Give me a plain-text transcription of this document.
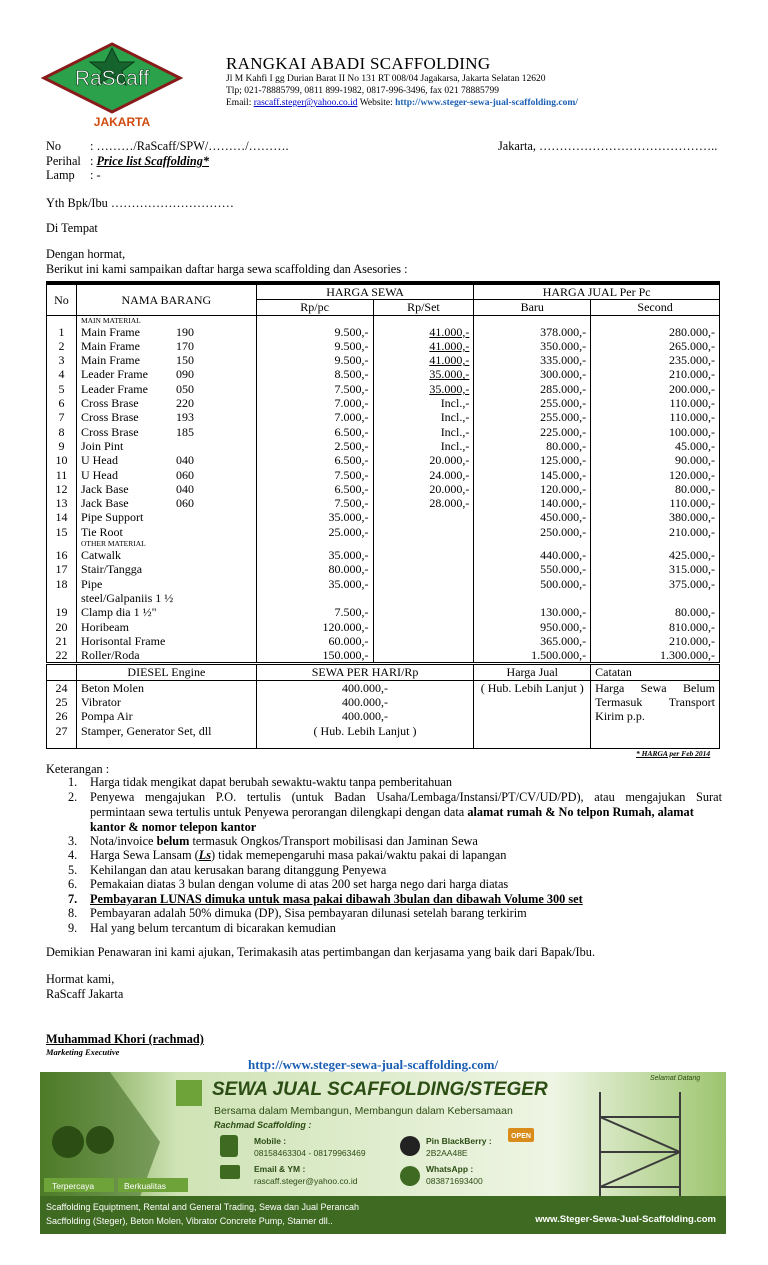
RaScaff
JAKARTA
RANGKAI ABADI SCAFFOLDING
Jl M Kahfi I gg Durian Barat II No 131 RT 008/04 Jagakarsa, Jakarta Selatan 12620
Tlp; 021-78885799, 0811 899-1982, 0817-996-3496, fax 021 78885799
Email: rascaff.steger@yahoo.co.id Website: http://www.steger-sewa-jual-scaffolding.com/
No : ………/RaScaff/SPW/………/……….	Jakarta, ……………………………………..
Perihal : Price list Scaffolding*
Lamp : -
Yth Bpk/Ibu …………………………
Di Tempat
Dengan hormat,
Berikut ini kami sampaikan daftar harga sewa scaffolding dan Asesories :
No	NAMA BARANG	HARGA SEWA		HARGA JUAL Per Pc	
		Rp/pc	Rp/Set	Baru	Second
	MAIN MATERIAL				
1	Main Frame 190	9.500,-	41.000,-	378.000,-	280.000,-
2	Main Frame 170	9.500,-	41.000,-	350.000,-	265.000,-
3	Main Frame 150	9.500,-	41.000,-	335.000,-	235.000,-
4	Leader Frame 090	8.500,-	35.000,-	300.000,-	210.000,-
5	Leader Frame 050	7.500,-	35.000,-	285.000,-	200.000,-
6	Cross Brase 220	7.000,-	Incl.,-	255.000,-	110.000,-
7	Cross Brase 193	7.000,-	Incl.,-	255.000,-	110.000,-
8	Cross Brase 185	6.500,-	Incl.,-	225.000,-	100.000,-
9	Join Pint	2.500,-	Incl.,-	80.000,-	45.000,-
10	U Head 040	6.500,-	20.000,-	125.000,-	90.000,-
11	U Head 060	7.500,-	24.000,-	145.000,-	120.000,-
12	Jack Base 040	6.500,-	20.000,-	120.000,-	80.000,-
13	Jack Base 060	7.500,-	28.000,-	140.000,-	110.000,-
14	Pipe Support	35.000,-		450.000,-	380.000,-
15	Tie Root	25.000,-		250.000,-	210.000,-
	OTHER MATERIAL				
16	Catwalk	35.000,-		440.000,-	425.000,-
17	Stair/Tangga	80.000,-		550.000,-	315.000,-
18	Pipe steel/Galpaniis 1 ½	35.000,-		500.000,-	375.000,-
19	Clamp dia 1 ½"	7.500,-		130.000,-	80.000,-
20	Horibeam	120.000,-		950.000,-	810.000,-
21	Horisontal Frame	60.000,-		365.000,-	210.000,-
22	Roller/Roda	150.000,-		1.500.000,-	1.300.000,-
	DIESEL Engine	SEWA PER HARI/Rp		Harga Jual	Catatan
24	Beton Molen	400.000,-		( Hub. Lebih Lanjut )	Harga Sewa Belum Termasuk Transport Kirim p.p.
25	Vibrator	400.000,-			
26	Pompa Air	400.000,-			
27	Stamper, Generator Set, dll	( Hub. Lebih Lanjut )			

* HARGA per Feb 2014
Keterangan :
1. Harga tidak mengikat dapat berubah sewaktu-waktu tanpa pemberitahuan
2. Penyewa mengajukan P.O. tertulis (untuk Badan Usaha/Lembaga/Instansi/PT/CV/UD/PD), atau mengajukan Surat
permintaan sewa tertulis untuk Penyewa perorangan dilengkapi dengan data alamat rumah & No telpon Rumah, alamat
kantor & nomor telepon kantor
3. Nota/invoice belum termasuk Ongkos/Transport mobilisasi dan Jaminan Sewa
4. Harga Sewa Lansam (Ls) tidak memepengaruhi masa pakai/waktu pakai di lapangan
5. Kehilangan dan atau kerusakan barang ditanggung Penyewa
6. Pemakaian diatas 3 bulan dengan volume di atas 200 set harga nego dari harga diatas
7. Pembayaran LUNAS dimuka untuk masa pakai dibawah 3bulan dan dibawah Volume 300 set
8. Pembayaran adalah 50% dimuka (DP), Sisa pembayaran dilunasi setelah barang terkirim
9. Hal yang belum tercantum di bicarakan kemudian
Demikian Penawaran ini kami ajukan, Terimakasih atas pertimbangan dan kerjasama yang baik dari Bapak/Ibu.
Hormat kami,
RaScaff Jakarta
Muhammad Khori (rachmad)
Marketing Executive
http://www.steger-sewa-jual-scaffolding.com/
SEWA JUAL SCAFFOLDING/STEGER
Bersama dalam Membangun, Membangun dalam Kebersamaan
Rachmad Scaffolding :
Mobile :
08158463304 - 08179963469
Email & YM :
rascaff.steger@yahoo.co.id
Pin BlackBerry :
2B2AA48E
OPEN
WhatsApp :
083871693400
Selamat Datang
Terpercaya	Berkualitas
Scaffolding Equiptment, Rental and General Trading, Sewa dan Jual Perancah
Sacffolding (Steger), Beton Molen, Vibrator Concrete Pump, Stamer dll..	www.Steger-Sewa-Jual-Scaffolding.com
